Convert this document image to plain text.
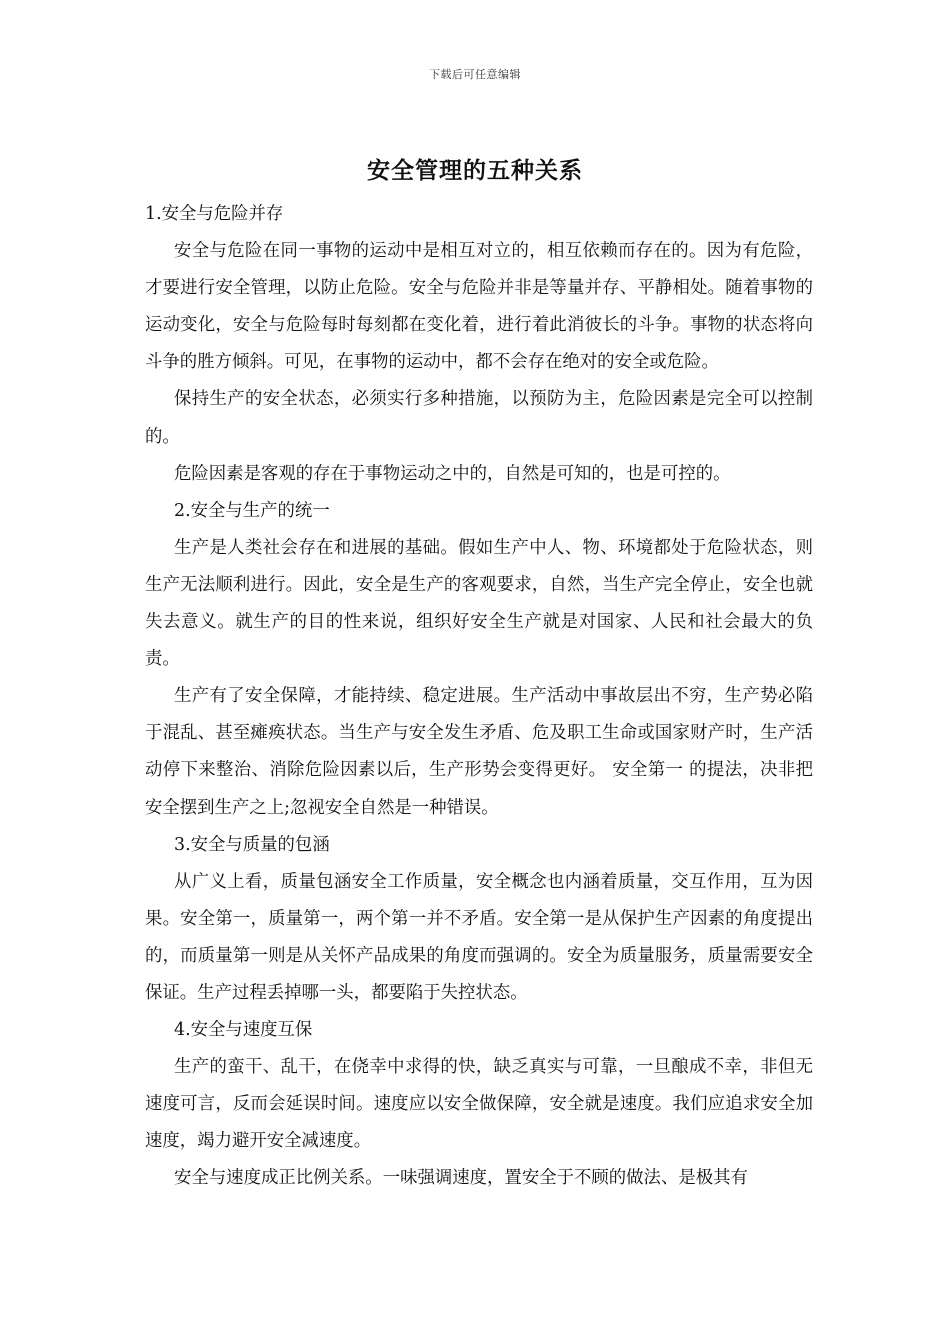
下载后可任意编辑
安全管理的五种关系

1.安全与危险并存

安全与危险在同一事物的运动中是相互对立的，相互依赖而存在的。因为有危险，才要进行安全管理，以防止危险。安全与危险并非是等量并存、平静相处。随着事物的运动变化，安全与危险每时每刻都在变化着，进行着此消彼长的斗争。事物的状态将向斗争的胜方倾斜。可见，在事物的运动中，都不会存在绝对的安全或危险。

保持生产的安全状态，必须实行多种措施，以预防为主，危险因素是完全可以控制的。

危险因素是客观的存在于事物运动之中的，自然是可知的，也是可控的。

2.安全与生产的统一

生产是人类社会存在和进展的基础。假如生产中人、物、环境都处于危险状态，则生产无法顺利进行。因此，安全是生产的客观要求，自然，当生产完全停止，安全也就失去意义。就生产的目的性来说，组织好安全生产就是对国家、人民和社会最大的负责。

生产有了安全保障，才能持续、稳定进展。生产活动中事故层出不穷，生产势必陷于混乱、甚至瘫痪状态。当生产与安全发生矛盾、危及职工生命或国家财产时，生产活动停下来整治、消除危险因素以后，生产形势会变得更好。 安全第一 的提法，决非把安全摆到生产之上;忽视安全自然是一种错误。

3.安全与质量的包涵

从广义上看，质量包涵安全工作质量，安全概念也内涵着质量，交互作用，互为因果。安全第一，质量第一，两个第一并不矛盾。安全第一是从保护生产因素的角度提出的，而质量第一则是从关怀产品成果的角度而强调的。安全为质量服务，质量需要安全保证。生产过程丢掉哪一头，都要陷于失控状态。

4.安全与速度互保

生产的蛮干、乱干，在侥幸中求得的快，缺乏真实与可靠，一旦酿成不幸，非但无速度可言，反而会延误时间。速度应以安全做保障，安全就是速度。我们应追求安全加速度，竭力避开安全减速度。

安全与速度成正比例关系。一味强调速度，置安全于不顾的做法、是极其有
